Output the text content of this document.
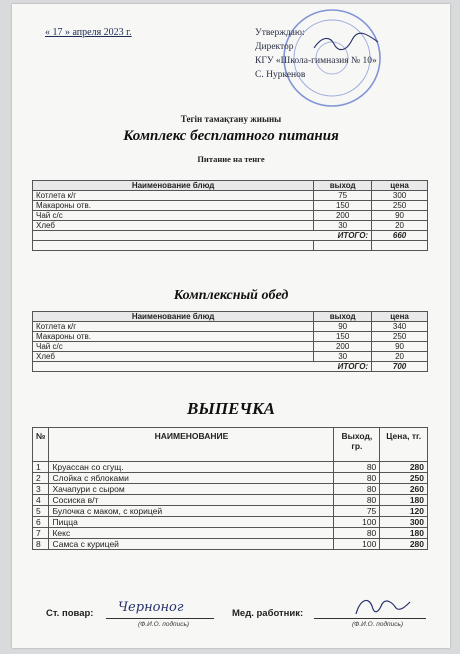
« 17 » апреля 2023 г.	Утверждаю:
Директор
КГУ «Школа-гимназия № 10»
С. Нуркенов
Тегін тамақтану жиыны
Комплекс бесплатного питания
Питание на тенге
Наименование блюд	выход	цена
Котлета к/г	75	300
Макароны отв.	150	250
Чай с/с	200	90
Хлеб	30	20
ИТОГО:		660

Комплексный обед
Наименование блюд	выход	цена
Котлета к/г	90	340
Макароны отв.	150	250
Чай с/с	200	90
Хлеб	30	20
ИТОГО:		700
ВЫПЕЧКА
№	НАИМЕНОВАНИЕ	Выход, гр.	Цена, тг.
1	Круассан со сгущ.	80	280
2	Слойка с яблоками	80	250
3	Хачапури с сыром	80	260
4	Сосиска в/т	80	180
5	Булочка с маком, с корицей	75	120
6	Пицца	100	300
7	Кекс	80	180
8	Самса с курицей	100	280
Ст. повар: Черноног
(Ф.И.О. подпись)
Мед. работник:
(Ф.И.О. подпись)
